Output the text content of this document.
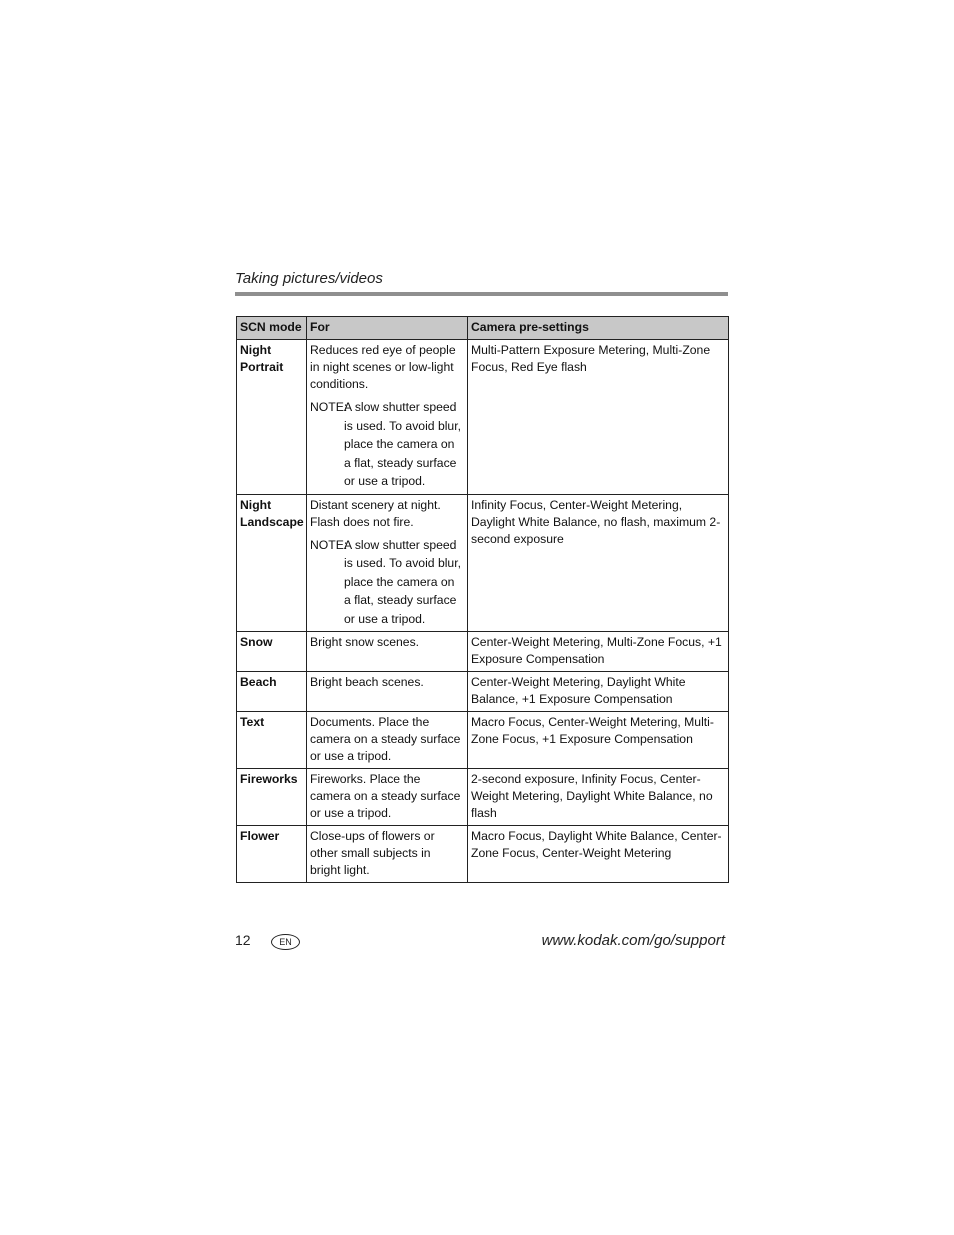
Taking pictures/videos
SCN mode	For	Camera pre-settings
Night Portrait	Reduces red eye of people in night scenes or low-light conditions.
NOTE:
A slow shutter speed is used. To avoid blur, place the camera on a flat, steady surface or use a tripod.	Multi-Pattern Exposure Metering, Multi-Zone Focus, Red Eye flash
Night Landscape	Distant scenery at night. Flash does not fire.
NOTE:
A slow shutter speed is used. To avoid blur, place the camera on a flat, steady surface or use a tripod.	Infinity Focus, Center-Weight Metering, Daylight White Balance, no flash, maximum 2-second exposure
Snow	Bright snow scenes.	Center-Weight Metering, Multi-Zone Focus, +1 Exposure Compensation
Beach	Bright beach scenes.	Center-Weight Metering, Daylight White Balance, +1 Exposure Compensation
Text	Documents. Place the camera on a steady surface or use a tripod.	Macro Focus, Center-Weight Metering, Multi-Zone Focus, +1 Exposure Compensation
Fireworks	Fireworks. Place the camera on a steady surface or use a tripod.	2-second exposure, Infinity Focus, Center-Weight Metering, Daylight White Balance, no flash
Flower	Close-ups of flowers or other small subjects in bright light.	Macro Focus, Daylight White Balance, Center-Zone Focus, Center-Weight Metering
12	EN	www.kodak.com/go/support
